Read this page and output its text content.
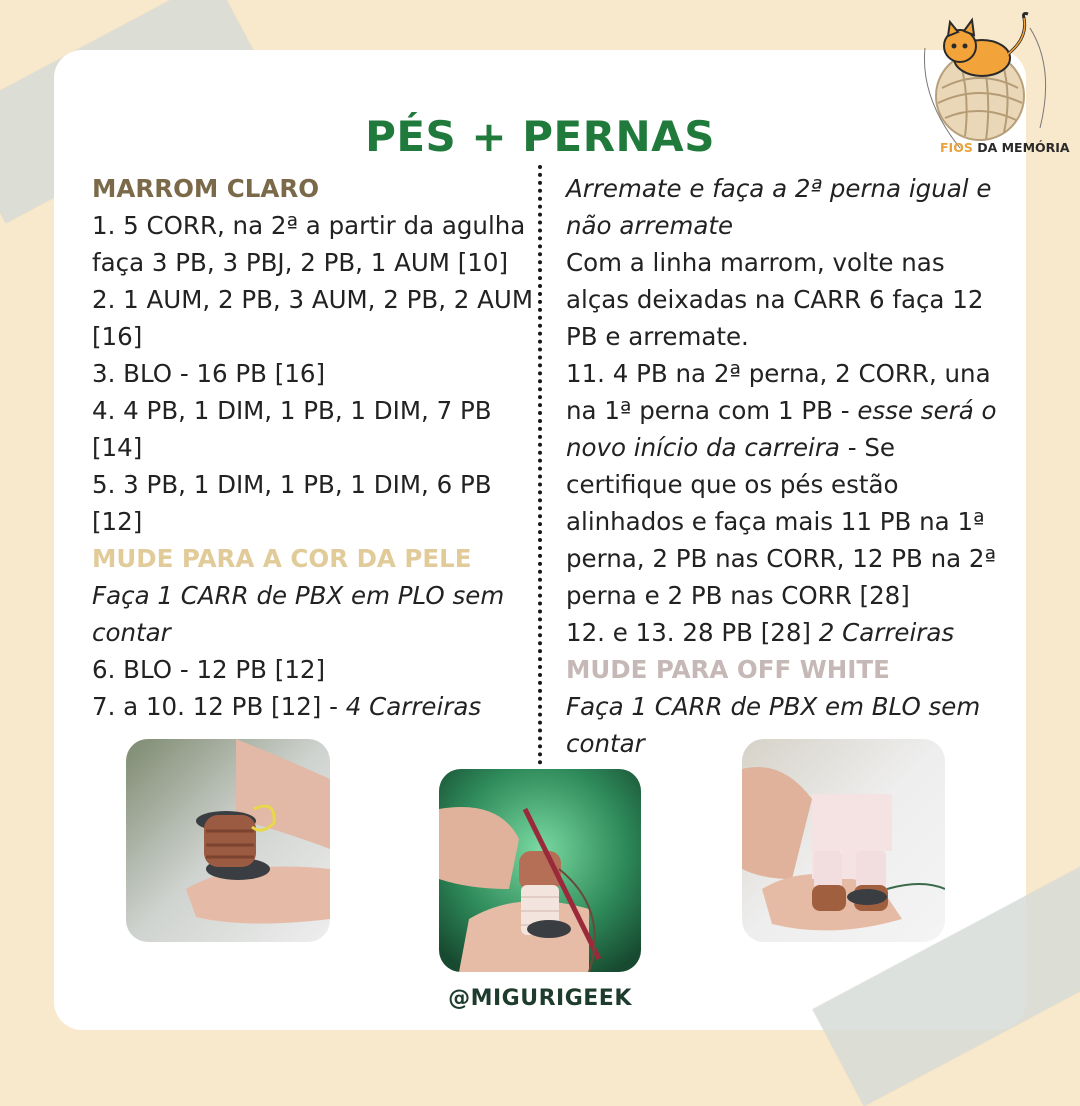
FIOS DA MEMÓRIA
PÉS + PERNAS

MARROM CLARO

1. 5 CORR, na 2ª a partir da agulha faça 3 PB, 3 PBJ, 2 PB, 1 AUM [10]

2. 1 AUM, 2 PB, 3 AUM, 2 PB, 2 AUM [16]

3. BLO - 16 PB [16]

4. 4 PB, 1 DIM, 1 PB, 1 DIM, 7 PB [14]

5. 3 PB, 1 DIM, 1 PB, 1 DIM, 6 PB [12]

MUDE PARA A COR DA PELE

Faça 1 CARR de PBX em PLO sem contar

6. BLO - 12 PB [12]

7. a 10. 12 PB [12] - 4 Carreiras

Arremate e faça a 2ª perna igual e não arremate

Com a linha marrom, volte nas alças deixadas na CARR 6 faça 12 PB e arremate.

11. 4 PB na 2ª perna, 2 CORR, una na 1ª perna com 1 PB - esse será o novo início da carreira - Se certifique que os pés estão alinhados e faça mais 11 PB na 1ª perna, 2 PB nas CORR, 12 PB na 2ª perna e 2 PB nas CORR [28]

12. e 13. 28 PB [28] 2 Carreiras

MUDE PARA OFF WHITE

Faça 1 CARR de PBX em BLO sem contar

@MIGURIGEEK
